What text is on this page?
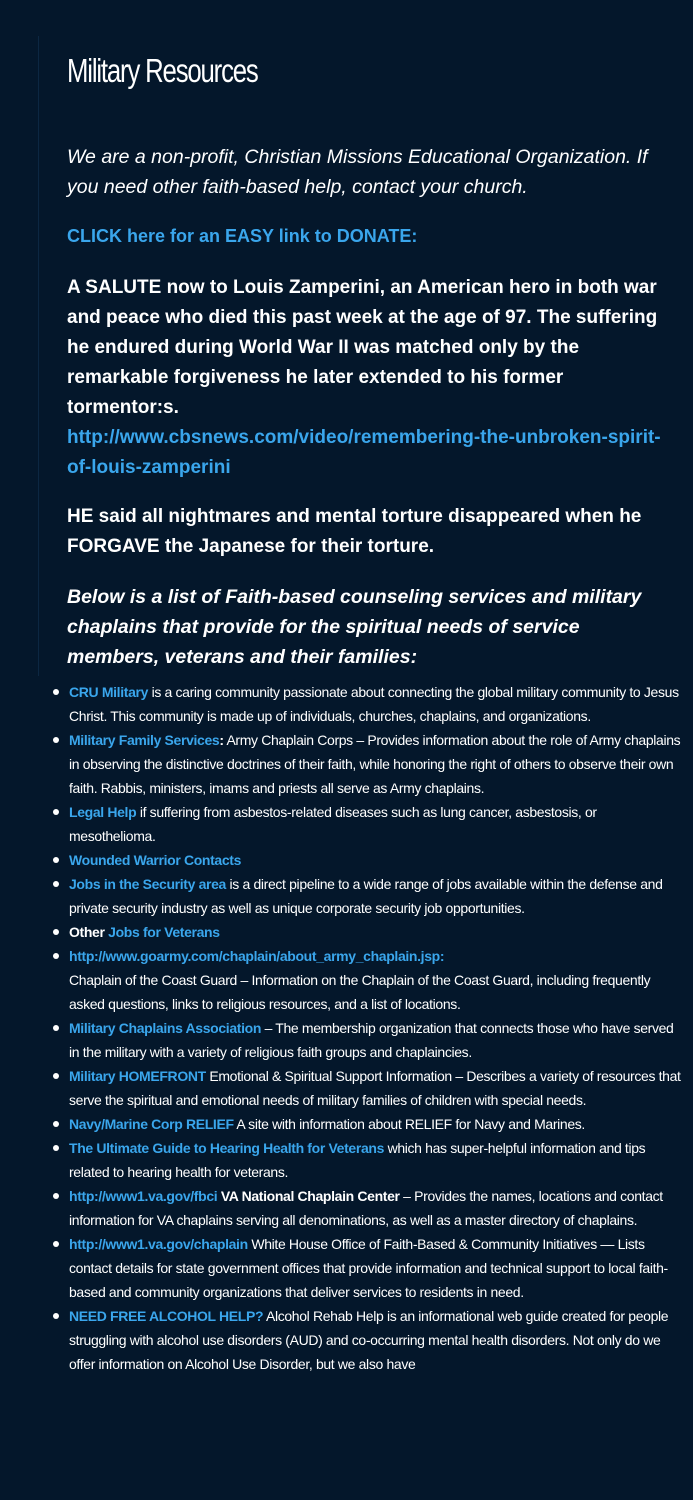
Military Resources
We are a non-profit, Christian Missions Educational Organization. If you need other faith-based help, contact your church.
CLICK here for an EASY link to DONATE:
A SALUTE now to Louis Zamperini, an American hero in both war and peace who died this past week at the age of 97. The suffering he endured during World War II was matched only by the remarkable forgiveness he later extended to his former tormentor:s.
http://www.cbsnews.com/video/remembering-the-unbroken-spirit-of-louis-zamperini
HE said all nightmares and mental torture disappeared when he FORGAVE the Japanese for their torture.
Below is a list of Faith-based counseling services and military chaplains that provide for the spiritual needs of service members, veterans and their families:
CRU Military is a caring community passionate about connecting the global military community to Jesus Christ. This community is made up of individuals, churches, chaplains, and organizations.
Military Family Services: Army Chaplain Corps – Provides information about the role of Army chaplains in observing the distinctive doctrines of their faith, while honoring the right of others to observe their own faith. Rabbis, ministers, imams and priests all serve as Army chaplains.
Legal Help if suffering from asbestos-related diseases such as lung cancer, asbestosis, or mesothelioma.
Wounded Warrior Contacts
Jobs in the Security area is a direct pipeline to a wide range of jobs available within the defense and private security industry as well as unique corporate security job opportunities.
Other Jobs for Veterans
http://www.goarmy.com/chaplain/about_army_chaplain.jsp:
Chaplain of the Coast Guard – Information on the Chaplain of the Coast Guard, including frequently asked questions, links to religious resources, and a list of locations.
Military Chaplains Association – The membership organization that connects those who have served in the military with a variety of religious faith groups and chaplaincies.
Military HOMEFRONT Emotional & Spiritual Support Information – Describes a variety of resources that serve the spiritual and emotional needs of military families of children with special needs.
Navy/Marine Corp RELIEF A site with information about RELIEF for Navy and Marines.
The Ultimate Guide to Hearing Health for Veterans which has super-helpful information and tips related to hearing health for veterans.
http://www1.va.gov/fbci VA National Chaplain Center – Provides the names, locations and contact information for VA chaplains serving all denominations, as well as a master directory of chaplains.
http://www1.va.gov/chaplain White House Office of Faith-Based & Community Initiatives — Lists contact details for state government offices that provide information and technical support to local faith-based and community organizations that deliver services to residents in need.
NEED FREE ALCOHOL HELP? Alcohol Rehab Help is an informational web guide created for people struggling with alcohol use disorders (AUD) and co-occurring mental health disorders. Not only do we offer information on Alcohol Use Disorder, but we also have
